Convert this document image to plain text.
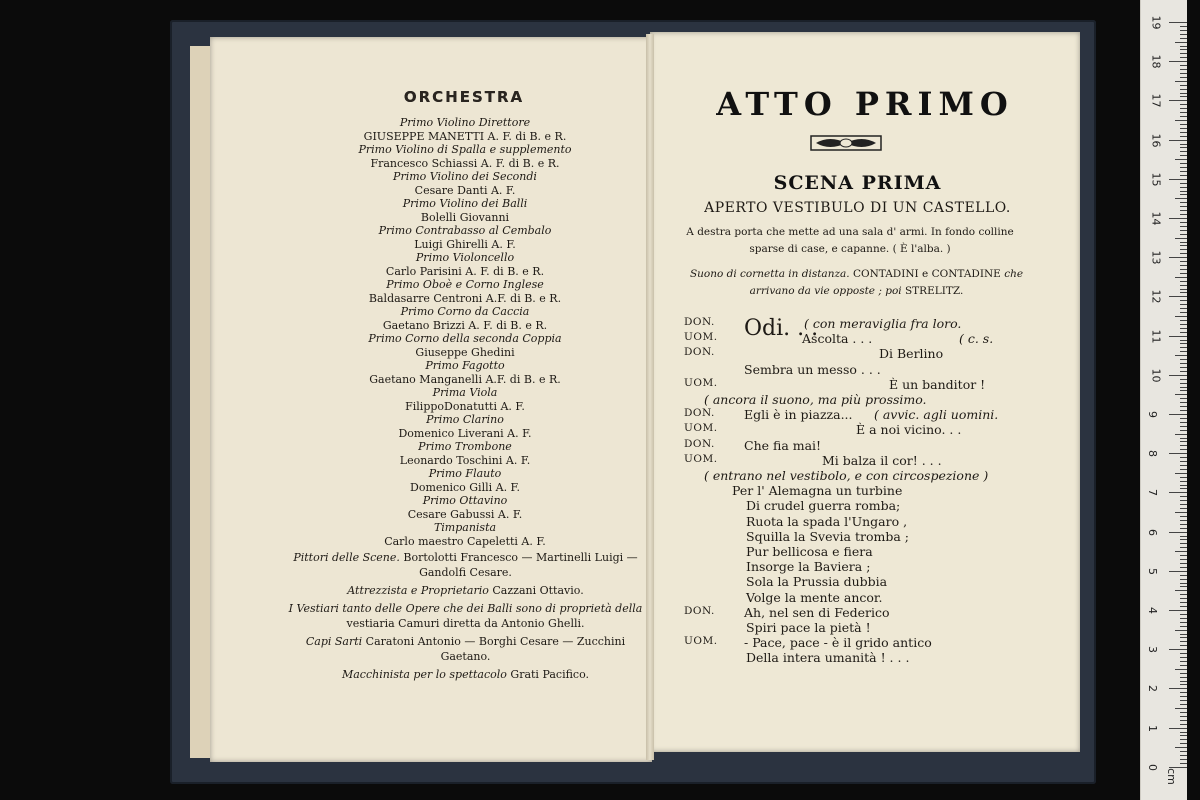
ORCHESTRA
Primo Violino Direttore
GIUSEPPE MANETTI A. F. di B. e R.
Primo Violino di Spalla e supplemento
Francesco Schiassi A. F. di B. e R.
Primo Violino dei Secondi
Cesare Danti A. F.
Primo Violino dei Balli
Bolelli Giovanni
Primo Contrabasso al Cembalo
Luigi Ghirelli A. F.
Primo Violoncello
Carlo Parisini A. F. di B. e R.
Primo Oboè e Corno Inglese
Baldasarre Centroni A.F. di B. e R.
Primo Corno da Caccia
Gaetano Brizzi A. F. di B. e R.
Primo Corno della seconda Coppia
Giuseppe Ghedini
Primo Fagotto
Gaetano Manganelli A.F. di B. e R.
Prima Viola
FilippoDonatutti A. F.
Primo Clarino
Domenico Liverani A. F.
Primo Trombone
Leonardo Toschini A. F.
Primo Flauto
Domenico Gilli A. F.
Primo Ottavino
Cesare Gabussi A. F.
Timpanista
Carlo maestro Capeletti A. F.
Pittori delle Scene. Bortolotti Francesco — Martinelli Luigi — Gandolfi Cesare.
Attrezzista e Proprietario Cazzani Ottavio.
I Vestiari tanto delle Opere che dei Balli sono di proprietà della vestiaria Camuri diretta da Antonio Ghelli.
Capi Sarti Caratoni Antonio — Borghi Cesare — Zucchini Gaetano.
Macchinista per lo spettacolo Grati Pacifico.
ATTO PRIMO
SCENA PRIMA
APERTO VESTIBULO DI UN CASTELLO.
A destra porta che mette ad una sala d' armi. In fondo colline
sparse di case, e capanne. ( È l'alba. )
Suono di cornetta in distanza. CONTADINI e CONTADINE che
arrivano da vie opposte ; poi STRELITZ.
DON. Odi. . .
( con meraviglia fra loro.
UOM.	Ascolta . . .	( c. s.
DON.	Di Berlino
Sembra un messo . . .
UOM.	È un banditor !
( ancora il suono, ma più prossimo.
DON. Egli è in piazza... ( avvic. agli uomini.
UOM.	È a noi vicino. . .
DON. Che fia mai!
UOM.	Mi balza il cor! . . .
( entrano nel vestibolo, e con circospezione )
Per l' Alemagna un turbine
Di crudel guerra romba;
Ruota la spada l'Ungaro ,
Squilla la Svevia tromba ;
Pur bellicosa e fiera
Insorge la Baviera ;
Sola la Prussia dubbia
Volge la mente ancor.
DON. Ah, nel sen di Federico
Spiri pace la pietà !
UOM. - Pace, pace - è il grido antico
Della intera umanità ! . . .
19
18
17
16
15
14
13
12
11
10
9
8
7
6
5
4
3
2
1
0
cm
